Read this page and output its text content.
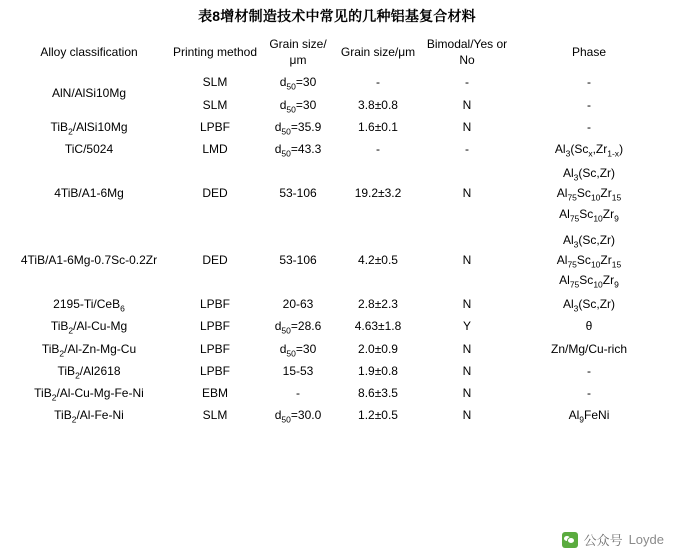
表8增材制造技术中常见的几种铝基复合材料
Alloy classification	Printing method	Grain size/μm	Grain size/μm	Bimodal/Yes or No	Phase
AlN/AlSi10Mg	SLM	$d_{50}=30$	-	-	-
	SLM	$d_{50}=30$	3.8±0.8	N	-
TiB$_2$/AlSi10Mg	LPBF	$d_{50}=35.9$	1.6±0.1	N	-
TiC/5024	LMD	$d_{50}=43.3$	-	-	$Al_3(Sc_x,Zr_{1-x})$
4TiB/A1-6Mg	DED	53-106	19.2±3.2	N	$Al_3(Sc,Zr)$
$Al_{75}Sc_{10}Zr_{15}$
$Al_{75}Sc_{10}Zr_9$

4TiB/A1-6Mg-0.7Sc-0.2Zr	DED	53-106	4.2±0.5	N	$Al_3(Sc,Zr)$
$Al_{75}Sc_{10}Zr_{15}$
$Al_{75}Sc_{10}Zr_9$

2195-Ti/CeB$_6$	LPBF	20-63	2.8±2.3	N	$Al_3(Sc,Zr)$
TiB$_2$/Al-Cu-Mg	LPBF	$d_{50}=28.6$	4.63±1.8	Y	θ
TiB$_2$/Al-Zn-Mg-Cu	LPBF	$d_{50}=30$	2.0±0.9	N	Zn/Mg/Cu-rich
TiB$_2$/Al2618	LPBF	15-53	1.9±0.8	N	-
TiB$_2$/Al-Cu-Mg-Fe-Ni	EBM	-	8.6±3.5	N	-
TiB$_2$/Al-Fe-Ni	SLM	$d_{50}=30.0$	1.2±0.5	N	$Al_9FeNi$
公众号 Loyde
